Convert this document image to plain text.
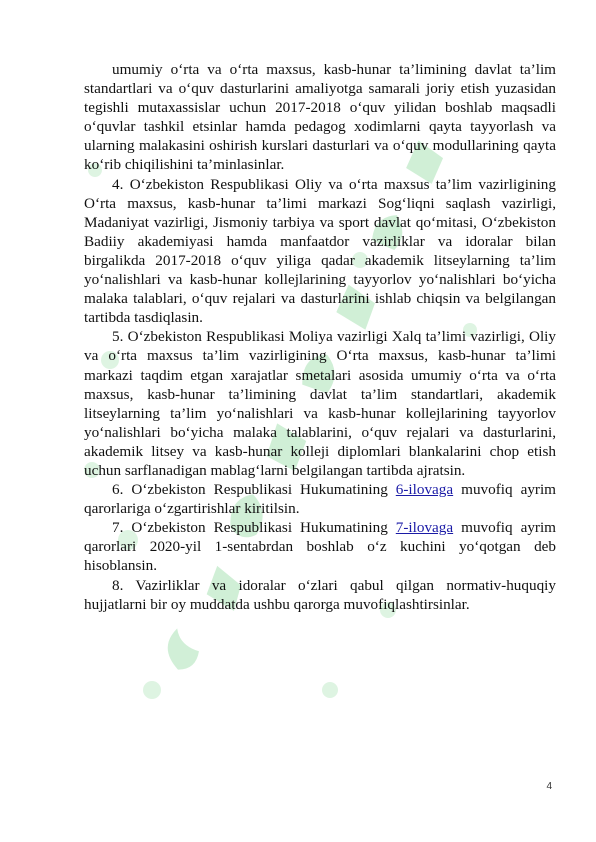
umumiy o‘rta va o‘rta maxsus, kasb-hunar ta’limining davlat ta’lim standartlari va o‘quv dasturlarini amaliyotga samarali joriy etish yuzasidan tegishli mutaxassislar uchun 2017-2018 o‘quv yilidan boshlab maqsadli o‘quvlar tashkil etsinlar hamda pedagog xodimlarni qayta tayyorlash va ularning malakasini oshirish kurslari dasturlari va o‘quv modullarining qayta ko‘rib chiqilishini ta’minlasinlar.

4. O‘zbekiston Respublikasi Oliy va o‘rta maxsus ta’lim vazirligining O‘rta maxsus, kasb-hunar ta’limi markazi Sog‘liqni saqlash vazirligi, Madaniyat vazirligi, Jismoniy tarbiya va sport davlat qo‘mitasi, O‘zbekiston Badiiy akademiyasi hamda manfaatdor vazirliklar va idoralar bilan birgalikda 2017-2018 o‘quv yiliga qadar akademik litseylarning ta’lim yo‘nalishlari va kasb-hunar kollejlarining tayyorlov yo‘nalishlari bo‘yicha malaka talablari, o‘quv rejalari va dasturlarini ishlab chiqsin va belgilangan tartibda tasdiqlasin.

5. O‘zbekiston Respublikasi Moliya vazirligi Xalq ta’limi vazirligi, Oliy va o‘rta maxsus ta’lim vazirligining O‘rta maxsus, kasb-hunar ta’limi markazi taqdim etgan xarajatlar smetalari asosida umumiy o‘rta va o‘rta maxsus, kasb-hunar ta’limining davlat ta’lim standartlari, akademik litseylarning ta’lim yo‘nalishlari va kasb-hunar kollejlarining tayyorlov yo‘nalishlari bo‘yicha malaka talablarini, o‘quv rejalari va dasturlarini, akademik litsey va kasb-hunar kolleji diplomlari blankalarini chop etish uchun sarflanadigan mablag‘larni belgilangan tartibda ajratsin.

6. O‘zbekiston Respublikasi Hukumatining 6-ilovaga muvofiq ayrim qarorlariga o‘zgartirishlar kiritilsin.

7. O‘zbekiston Respublikasi Hukumatining 7-ilovaga muvofiq ayrim qarorlari 2020-yil 1-sentabrdan boshlab o‘z kuchini yo‘qotgan deb hisoblansin.

8. Vazirliklar va idoralar o‘zlari qabul qilgan normativ-huquqiy hujjatlarni bir oy muddatda ushbu qarorga muvofiqlashtirsinlar.

4
